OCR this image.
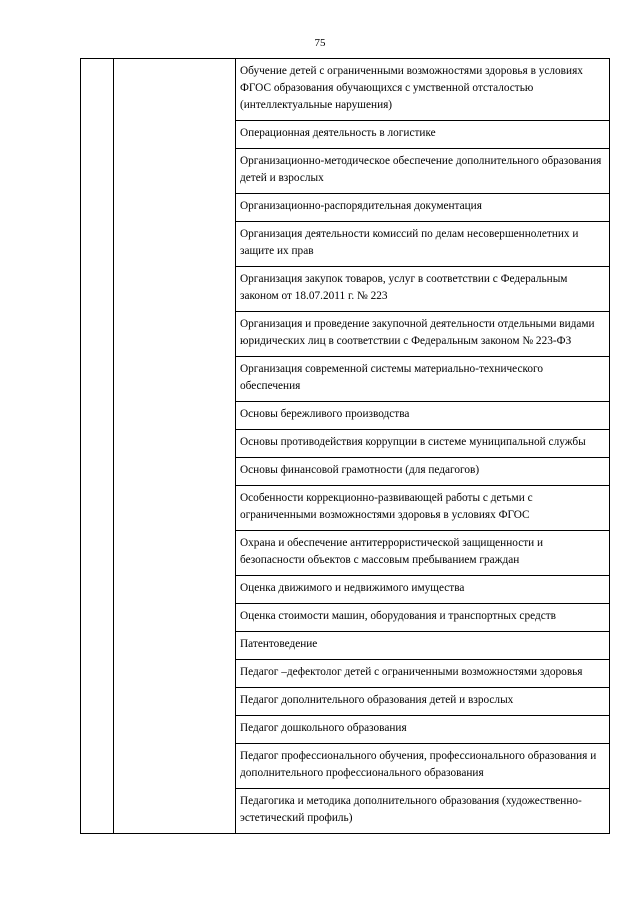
75

Обучение детей с ограниченными возможностями здоровья в условиях ФГОС образования обучающихся с умственной отсталостью (интеллектуальные нарушения)

Операционная деятельность в логистике

Организационно-методическое обеспечение дополнительного образования детей и взрослых

Организационно-распорядительная документация

Организация деятельности комиссий по делам несовершеннолетних и защите их прав

Организация закупок товаров, услуг в соответствии с Федеральным законом от 18.07.2011 г. № 223

Организация и проведение закупочной деятельности отдельными видами юридических лиц в соответствии с Федеральным законом № 223-ФЗ

Организация современной системы материально-технического обеспечения

Основы бережливого производства

Основы противодействия коррупции в системе муниципальной службы

Основы финансовой грамотности (для педагогов)

Особенности коррекционно-развивающей работы с детьми с ограниченными возможностями здоровья в условиях ФГОС

Охрана и обеспечение антитеррористической защищенности и безопасности объектов с массовым пребыванием граждан

Оценка движимого и недвижимого имущества

Оценка стоимости машин, оборудования и транспортных средств

Патентоведение

Педагог –дефектолог детей с ограниченными возможностями здоровья

Педагог дополнительного образования детей и взрослых

Педагог дошкольного образования

Педагог профессионального обучения, профессионального образования и дополнительного профессионального образования

Педагогика и методика дополнительного образования (художественно-эстетический профиль)
